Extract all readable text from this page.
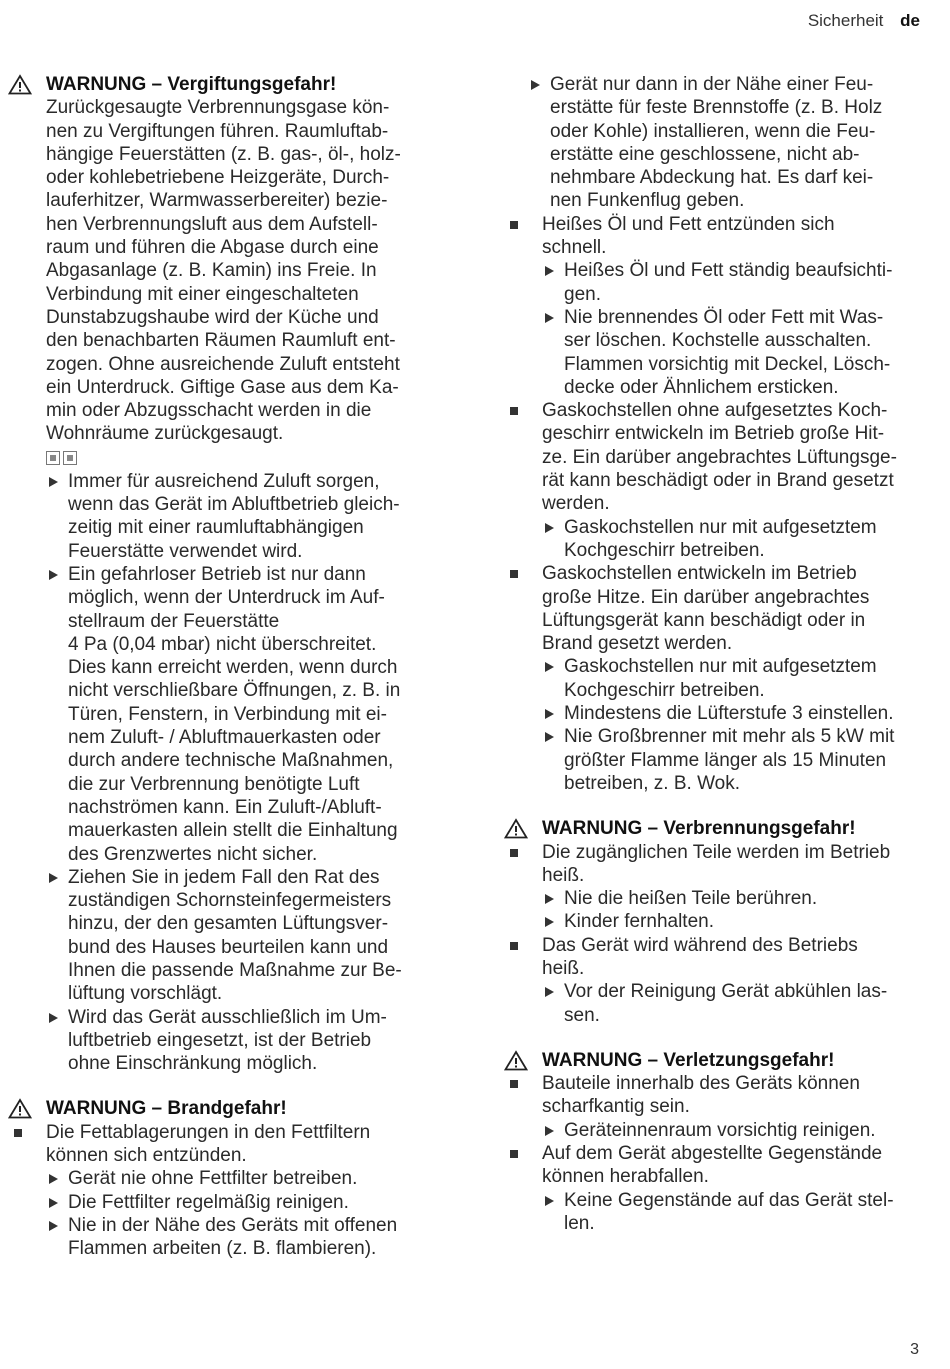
Sicherheit de
WARNUNG – Vergiftungsgefahr!
Zurückgesaugte Verbrennungsgase kön-
nen zu Vergiftungen führen. Raumluftab-
hängige Feuerstätten (z. B. gas-, öl-, holz-
oder kohlebetriebene Heizgeräte, Durch-
lauferhitzer, Warmwasserbereiter) bezie-
hen Verbrennungsluft aus dem Aufstell-
raum und führen die Abgase durch eine
Abgasanlage (z. B. Kamin) ins Freie. In
Verbindung mit einer eingeschalteten
Dunstabzugshaube wird der Küche und
den benachbarten Räumen Raumluft ent-
zogen. Ohne ausreichende Zuluft entsteht
ein Unterdruck. Giftige Gase aus dem Ka-
min oder Abzugsschacht werden in die
Wohnräume zurückgesaugt.
Immer für ausreichend Zuluft sorgen,
wenn das Gerät im Abluftbetrieb gleich-
zeitig mit einer raumluftabhängigen
Feuerstätte verwendet wird.
Ein gefahrloser Betrieb ist nur dann
möglich, wenn der Unterdruck im Auf-
stellraum der Feuerstätte
4 Pa (0,04 mbar) nicht überschreitet.
Dies kann erreicht werden, wenn durch
nicht verschließbare Öffnungen, z. B. in
Türen, Fenstern, in Verbindung mit ei-
nem Zuluft- / Abluftmauerkasten oder
durch andere technische Maßnahmen,
die zur Verbrennung benötigte Luft
nachströmen kann. Ein Zuluft-/Abluft-
mauerkasten allein stellt die Einhaltung
des Grenzwertes nicht sicher.
Ziehen Sie in jedem Fall den Rat des
zuständigen Schornsteinfegermeisters
hinzu, der den gesamten Lüftungsver-
bund des Hauses beurteilen kann und
Ihnen die passende Maßnahme zur Be-
lüftung vorschlägt.
Wird das Gerät ausschließlich im Um-
luftbetrieb eingesetzt, ist der Betrieb
ohne Einschränkung möglich.
WARNUNG – Brandgefahr!
Die Fettablagerungen in den Fettfiltern
können sich entzünden.
Gerät nie ohne Fettfilter betreiben.
Die Fettfilter regelmäßig reinigen.
Nie in der Nähe des Geräts mit offenen
Flammen arbeiten (z. B. flambieren).
Gerät nur dann in der Nähe einer Feu-
erstätte für feste Brennstoffe (z. B. Holz
oder Kohle) installieren, wenn die Feu-
erstätte eine geschlossene, nicht ab-
nehmbare Abdeckung hat. Es darf kei-
nen Funkenflug geben.
Heißes Öl und Fett entzünden sich
schnell.
Heißes Öl und Fett ständig beaufsichti-
gen.
Nie brennendes Öl oder Fett mit Was-
ser löschen. Kochstelle ausschalten.
Flammen vorsichtig mit Deckel, Lösch-
decke oder Ähnlichem ersticken.
Gaskochstellen ohne aufgesetztes Koch-
geschirr entwickeln im Betrieb große Hit-
ze. Ein darüber angebrachtes Lüftungsge-
rät kann beschädigt oder in Brand gesetzt
werden.
Gaskochstellen nur mit aufgesetztem
Kochgeschirr betreiben.
Gaskochstellen entwickeln im Betrieb
große Hitze. Ein darüber angebrachtes
Lüftungsgerät kann beschädigt oder in
Brand gesetzt werden.
Gaskochstellen nur mit aufgesetztem
Kochgeschirr betreiben.
Mindestens die Lüfterstufe 3 einstellen.
Nie Großbrenner mit mehr als 5 kW mit
größter Flamme länger als 15 Minuten
betreiben, z. B. Wok.
WARNUNG – Verbrennungsgefahr!
Die zugänglichen Teile werden im Betrieb
heiß.
Nie die heißen Teile berühren.
Kinder fernhalten.
Das Gerät wird während des Betriebs
heiß.
Vor der Reinigung Gerät abkühlen las-
sen.
WARNUNG – Verletzungsgefahr!
Bauteile innerhalb des Geräts können
scharfkantig sein.
Geräteinnenraum vorsichtig reinigen.
Auf dem Gerät abgestellte Gegenstände
können herabfallen.
Keine Gegenstände auf das Gerät stel-
len.
3
